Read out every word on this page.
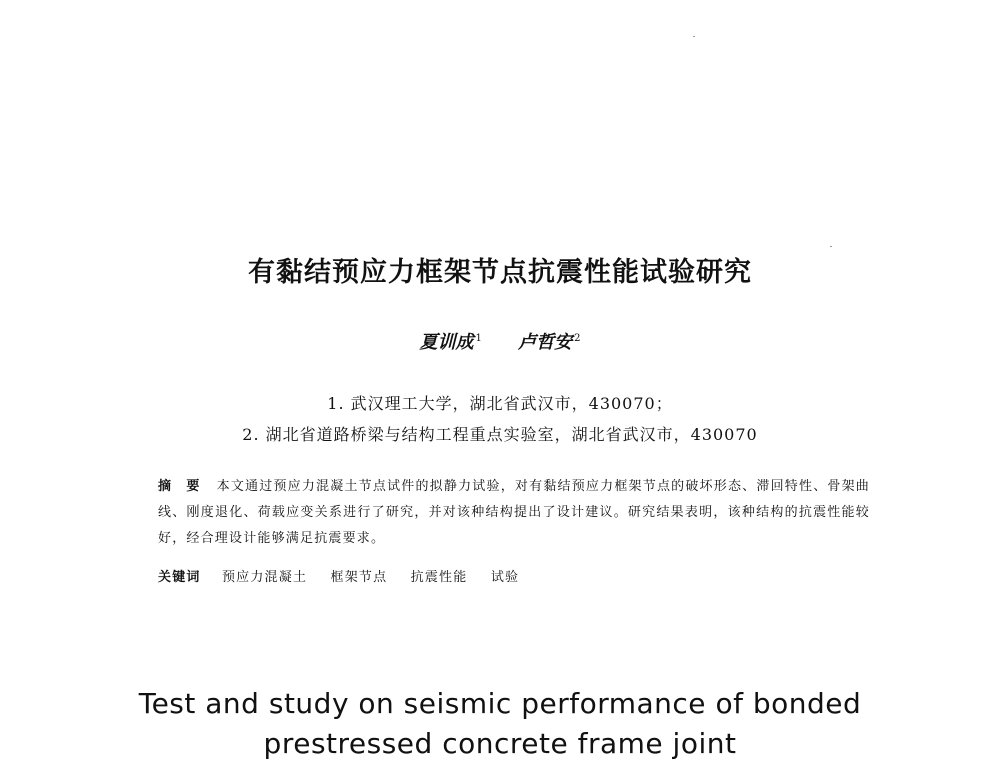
有黏结预应力框架节点抗震性能试验研究
夏训成 $^1$ 卢哲安 $^2$
1. 武汉理工大学，湖北省武汉市，430070；
2. 湖北省道路桥梁与结构工程重点实验室，湖北省武汉市，430070
摘　要 本文通过预应力混凝土节点试件的拟静力试验，对有黏结预应力框架节点的破坏形态、滞回特性、骨架曲线、刚度退化、荷载应变关系进行了研究，并对该种结构提出了设计建议。研究结果表明，该种结构的抗震性能较好，经合理设计能够满足抗震要求。
关键词 预应力混凝土 框架节点 抗震性能 试验
Test and study on seismic performance of bonded
prestressed concrete frame joint
